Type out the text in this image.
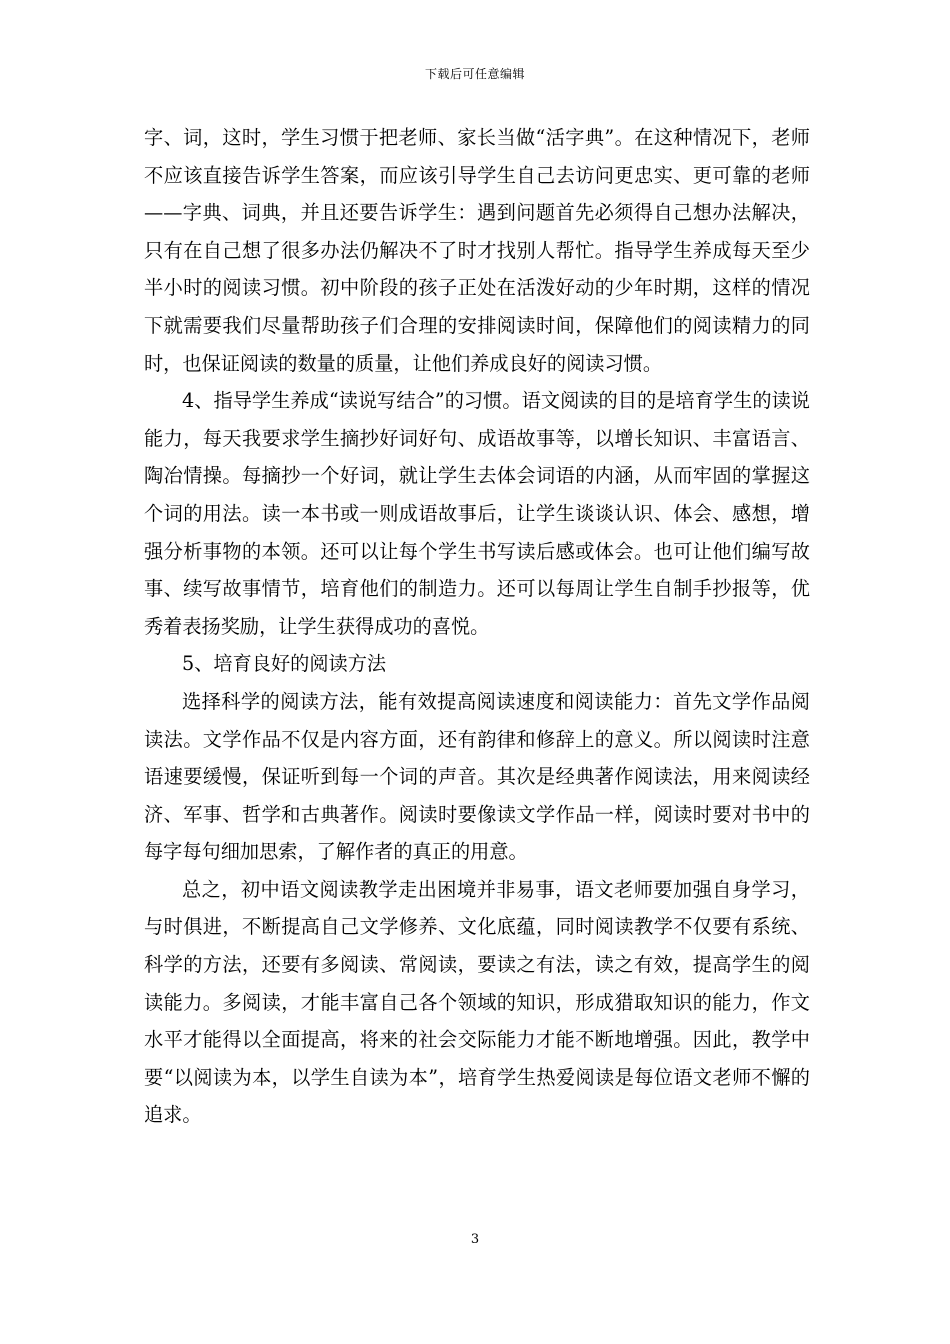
下载后可任意编辑

字、词，这时，学生习惯于把老师、家长当做“活字典”。在这种情况下，老师不应该直接告诉学生答案，而应该引导学生自己去访问更忠实、更可靠的老师——字典、词典，并且还要告诉学生：遇到问题首先必须得自己想办法解决，只有在自己想了很多办法仍解决不了时才找别人帮忙。指导学生养成每天至少半小时的阅读习惯。初中阶段的孩子正处在活泼好动的少年时期，这样的情况下就需要我们尽量帮助孩子们合理的安排阅读时间，保障他们的阅读精力的同时，也保证阅读的数量的质量，让他们养成良好的阅读习惯。

4、指导学生养成“读说写结合”的习惯。语文阅读的目的是培育学生的读说能力，每天我要求学生摘抄好词好句、成语故事等，以增长知识、丰富语言、陶冶情操。每摘抄一个好词，就让学生去体会词语的内涵，从而牢固的掌握这个词的用法。读一本书或一则成语故事后，让学生谈谈认识、体会、感想，增强分析事物的本领。还可以让每个学生书写读后感或体会。也可让他们编写故事、续写故事情节，培育他们的制造力。还可以每周让学生自制手抄报等，优秀着表扬奖励，让学生获得成功的喜悦。

5、培育良好的阅读方法

选择科学的阅读方法，能有效提高阅读速度和阅读能力：首先文学作品阅读法。文学作品不仅是内容方面，还有韵律和修辞上的意义。所以阅读时注意语速要缓慢，保证听到每一个词的声音。其次是经典著作阅读法，用来阅读经济、军事、哲学和古典著作。阅读时要像读文学作品一样，阅读时要对书中的每字每句细加思索，了解作者的真正的用意。

总之，初中语文阅读教学走出困境并非易事，语文老师要加强自身学习，与时俱进，不断提高自己文学修养、文化底蕴，同时阅读教学不仅要有系统、科学的方法，还要有多阅读、常阅读，要读之有法，读之有效，提高学生的阅读能力。多阅读，才能丰富自己各个领域的知识，形成猎取知识的能力，作文水平才能得以全面提高，将来的社会交际能力才能不断地增强。因此，教学中要“以阅读为本，以学生自读为本”，培育学生热爱阅读是每位语文老师不懈的追求。

3
